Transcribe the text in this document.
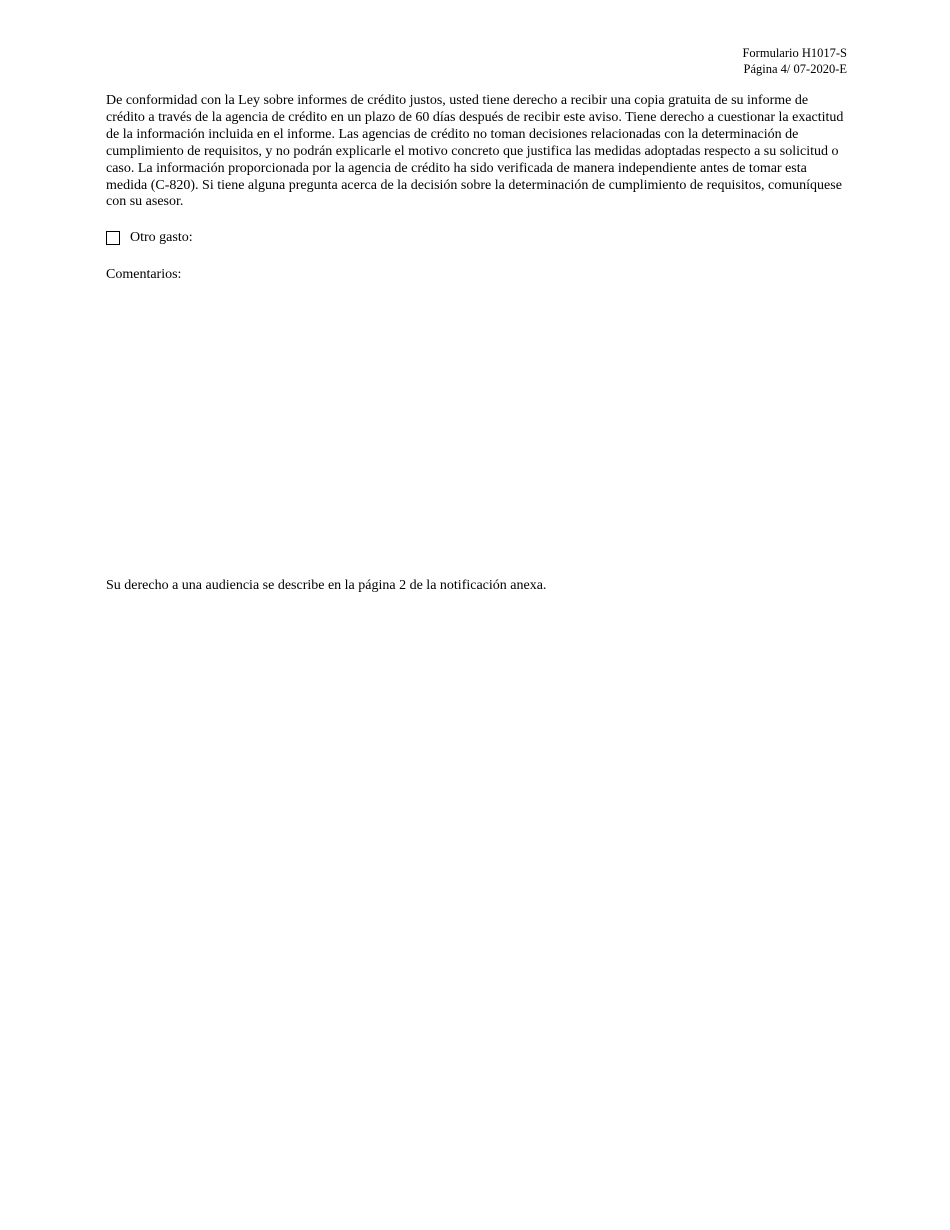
Formulario H1017-S
Página 4/ 07-2020-E
De conformidad con la Ley sobre informes de crédito justos, usted tiene derecho a recibir una copia gratuita de su informe de
crédito a través de la agencia de crédito en un plazo de 60 días después de recibir este aviso. Tiene derecho a cuestionar la exactitud
de la información incluida en el informe. Las agencias de crédito no toman decisiones relacionadas con la determinación de
cumplimiento de requisitos, y no podrán explicarle el motivo concreto que justifica las medidas adoptadas respecto a su solicitud o
caso. La información proporcionada por la agencia de crédito ha sido verificada de manera independiente antes de tomar esta
medida (C-820). Si tiene alguna pregunta acerca de la decisión sobre la determinación de cumplimiento de requisitos, comuníquese
con su asesor.
Otro gasto:
Comentarios:
Su derecho a una audiencia se describe en la página 2 de la notificación anexa.
